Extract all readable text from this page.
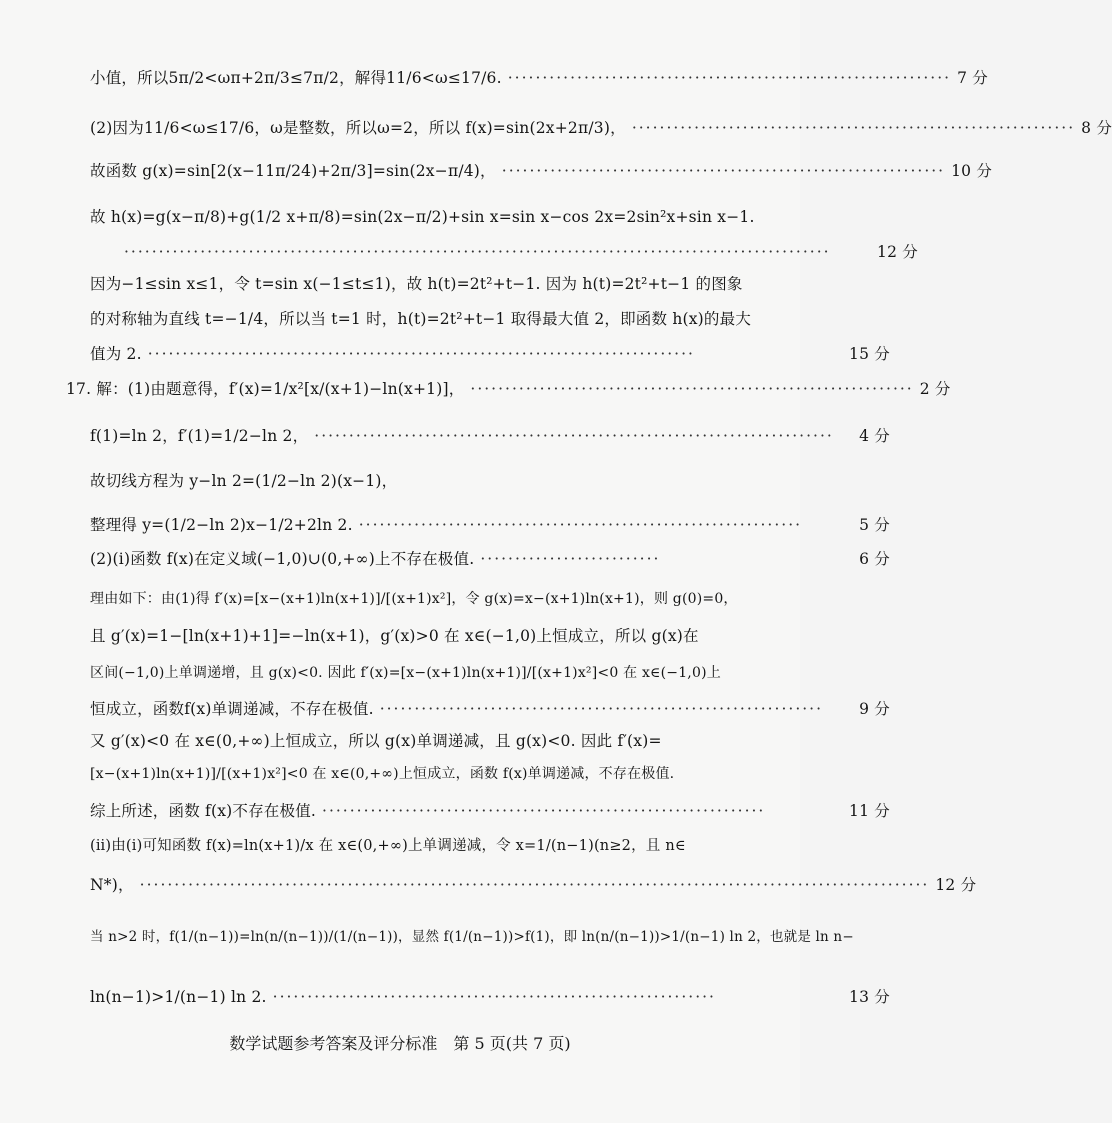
小值，所以5π/2<ωπ+2π/3≤7π/2，解得11/6<ω≤17/6. ································································ 7 分
(2)因为11/6<ω≤17/6，ω是整数，所以ω=2，所以 f(x)=sin(2x+2π/3)， ································································ 8 分
故函数 g(x)=sin[2(x−11π/24)+2π/3]=sin(2x−π/4)， ································································ 10 分
故 h(x)=g(x−π/8)+g(1/2 x+π/8)=sin(2x−π/2)+sin x=sin x−cos 2x=2sin²x+sin x−1.
······································································································	12 分
因为−1≤sin x≤1，令 t=sin x(−1≤t≤1)，故 h(t)=2t²+t−1. 因为 h(t)=2t²+t−1 的图象
的对称轴为直线 t=−1/4，所以当 t=1 时，h(t)=2t²+t−1 取得最大值 2，即函数 h(x)的最大
值为 2. ···············································································	15 分
17. 解：(1)由题意得，f′(x)=1/x²[x/(x+1)−ln(x+1)]， ································································ 2 分
f(1)=ln 2，f′(1)=1/2−ln 2， ···········································································	4 分
故切线方程为 y−ln 2=(1/2−ln 2)(x−1)，
整理得 y=(1/2−ln 2)x−1/2+2ln 2. ································································	5 分
(2)(ⅰ)函数 f(x)在定义域(−1,0)∪(0,+∞)上不存在极值. ··························	6 分
理由如下：由(1)得 f′(x)=[x−(x+1)ln(x+1)]/[(x+1)x²]，令 g(x)=x−(x+1)ln(x+1)，则 g(0)=0，
且 g′(x)=1−[ln(x+1)+1]=−ln(x+1)，g′(x)>0 在 x∈(−1,0)上恒成立，所以 g(x)在
区间(−1,0)上单调递增，且 g(x)<0. 因此 f′(x)=[x−(x+1)ln(x+1)]/[(x+1)x²]<0 在 x∈(−1,0)上
恒成立，函数f(x)单调递减，不存在极值. ································································	9 分
又 g′(x)<0 在 x∈(0,+∞)上恒成立，所以 g(x)单调递减，且 g(x)<0. 因此 f′(x)=
[x−(x+1)ln(x+1)]/[(x+1)x²]<0 在 x∈(0,+∞)上恒成立，函数 f(x)单调递减，不存在极值.
综上所述，函数 f(x)不存在极值. ································································	11 分
(ⅱ)由(ⅰ)可知函数 f(x)=ln(x+1)/x 在 x∈(0,+∞)上单调递减，令 x=1/(n−1)(n≥2，且 n∈
N*)， ·················································································································· 12 分
当 n>2 时，f(1/(n−1))=ln(n/(n−1))/(1/(n−1))，显然 f(1/(n−1))>f(1)，即 ln(n/(n−1))>1/(n−1) ln 2，也就是 ln n−
ln(n−1)>1/(n−1) ln 2. ································································	13 分
数学试题参考答案及评分标准　第 5 页(共 7 页)
